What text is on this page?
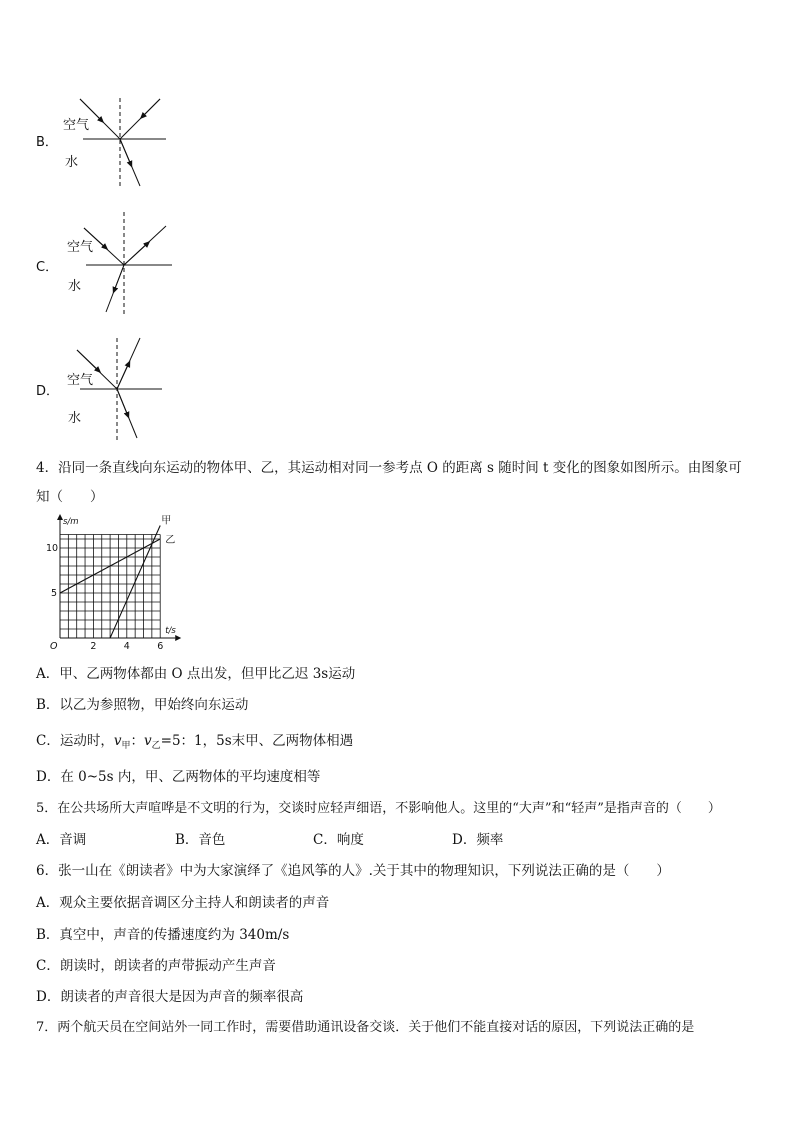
B．
空气
水
C．
空气
水
D．
空气
水
4．沿同一条直线向东运动的物体甲、乙，其运动相对同一参考点 O 的距离 s 随时间 t 变化的图象如图所示。由图象可
知（　　）
甲
乙
2	4	6
5
10
O
s/m
t/s
A．甲、乙两物体都由 O 点出发，但甲比乙迟 3s运动
B．以乙为参照物，甲始终向东运动
C．运动时，$v_甲$：$v_乙=5$：1，5s末甲、乙两物体相遇
D．在 0~5s 内，甲、乙两物体的平均速度相等
5．在公共场所大声喧哗是不文明的行为，交谈时应轻声细语，不影响他人。这里的“大声”和“轻声”是指声音的（　　）
A．音调	B．音色	C．响度	D．频率
6．张一山在《朗读者》中为大家演绎了《追风筝的人》.关于其中的物理知识，下列说法正确的是（　　）
A．观众主要依据音调区分主持人和朗读者的声音
B．真空中，声音的传播速度约为 340m/s
C．朗读时，朗读者的声带振动产生声音
D．朗读者的声音很大是因为声音的频率很高
7．两个航天员在空间站外一同工作时，需要借助通讯设备交谈．关于他们不能直接对话的原因，下列说法正确的是
